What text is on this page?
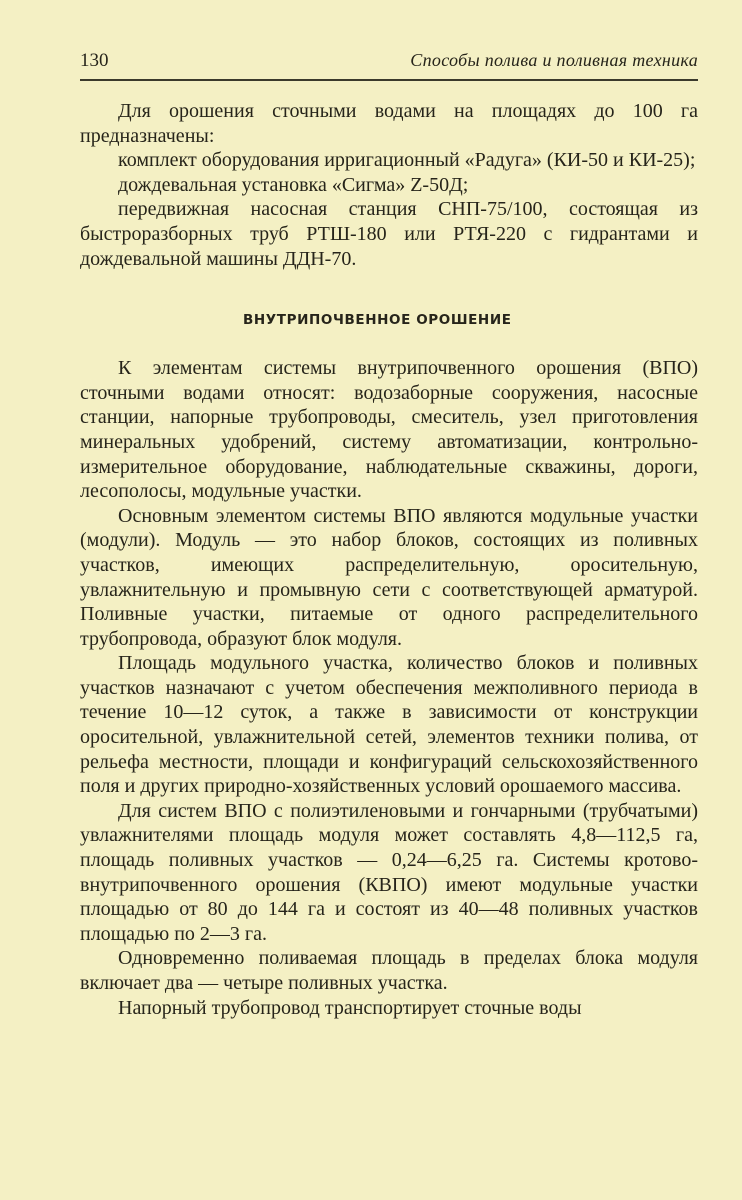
130	Способы полива и поливная техника

Для орошения сточными водами на площадях до 100 га предназначены:

комплект оборудования ирригационный «Радуга» (КИ-50 и КИ-25);

дождевальная установка «Сигма» Z-50Д;

передвижная насосная станция СНП-75/100, состоящая из быстроразборных труб РТШ-180 или РТЯ-220 с гидрантами и дождевальной машины ДДН-70.

ВНУТРИПОЧВЕННОЕ ОРОШЕНИЕ

К элементам системы внутрипочвенного орошения (ВПО) сточными водами относят: водозаборные сооружения, насосные станции, напорные трубопроводы, смеситель, узел приготовления минеральных удобрений, систему автоматизации, контрольно-измерительное оборудование, наблюдательные скважины, дороги, лесополосы, модульные участки.

Основным элементом системы ВПО являются модульные участки (модули). Модуль — это набор блоков, состоящих из поливных участков, имеющих распределительную, оросительную, увлажнительную и промывную сети с соответствующей арматурой. Поливные участки, питаемые от одного распределительного трубопровода, образуют блок модуля.

Площадь модульного участка, количество блоков и поливных участков назначают с учетом обеспечения межполивного периода в течение 10—12 суток, а также в зависимости от конструкции оросительной, увлажнительной сетей, элементов техники полива, от рельефа местности, площади и конфигураций сельскохозяйственного поля и других природно-хозяйственных условий орошаемого массива.

Для систем ВПО с полиэтиленовыми и гончарными (трубчатыми) увлажнителями площадь модуля может составлять 4,8—112,5 га, площадь поливных участков — 0,24—6,25 га. Системы кротово-внутрипочвенного орошения (КВПО) имеют модульные участки площадью от 80 до 144 га и состоят из 40—48 поливных участков площадью по 2—3 га.

Одновременно поливаемая площадь в пределах блока модуля включает два — четыре поливных участка.

Напорный трубопровод транспортирует сточные воды
